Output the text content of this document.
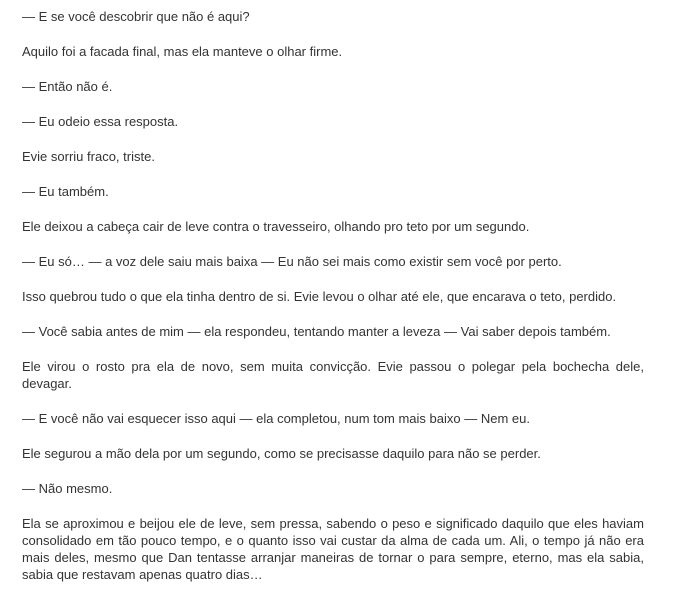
— E se você descobrir que não é aqui?

Aquilo foi a facada final, mas ela manteve o olhar firme.

— Então não é.

— Eu odeio essa resposta.

Evie sorriu fraco, triste.

— Eu também.

Ele deixou a cabeça cair de leve contra o travesseiro, olhando pro teto por um segundo.

— Eu só… — a voz dele saiu mais baixa — Eu não sei mais como existir sem você por perto.

Isso quebrou tudo o que ela tinha dentro de si. Evie levou o olhar até ele, que encarava o teto, perdido.

— Você sabia antes de mim — ela respondeu, tentando manter a leveza — Vai saber depois também.

Ele virou o rosto pra ela de novo, sem muita convicção. Evie passou o polegar pela bochecha dele, devagar.

— E você não vai esquecer isso aqui — ela completou, num tom mais baixo — Nem eu.

Ele segurou a mão dela por um segundo, como se precisasse daquilo para não se perder.

— Não mesmo.

Ela se aproximou e beijou ele de leve, sem pressa, sabendo o peso e significado daquilo que eles haviam consolidado em tão pouco tempo, e o quanto isso vai custar da alma de cada um. Ali, o tempo já não era mais deles, mesmo que Dan tentasse arranjar maneiras de tornar o para sempre, eterno, mas ela sabia, sabia que restavam apenas quatro dias…
